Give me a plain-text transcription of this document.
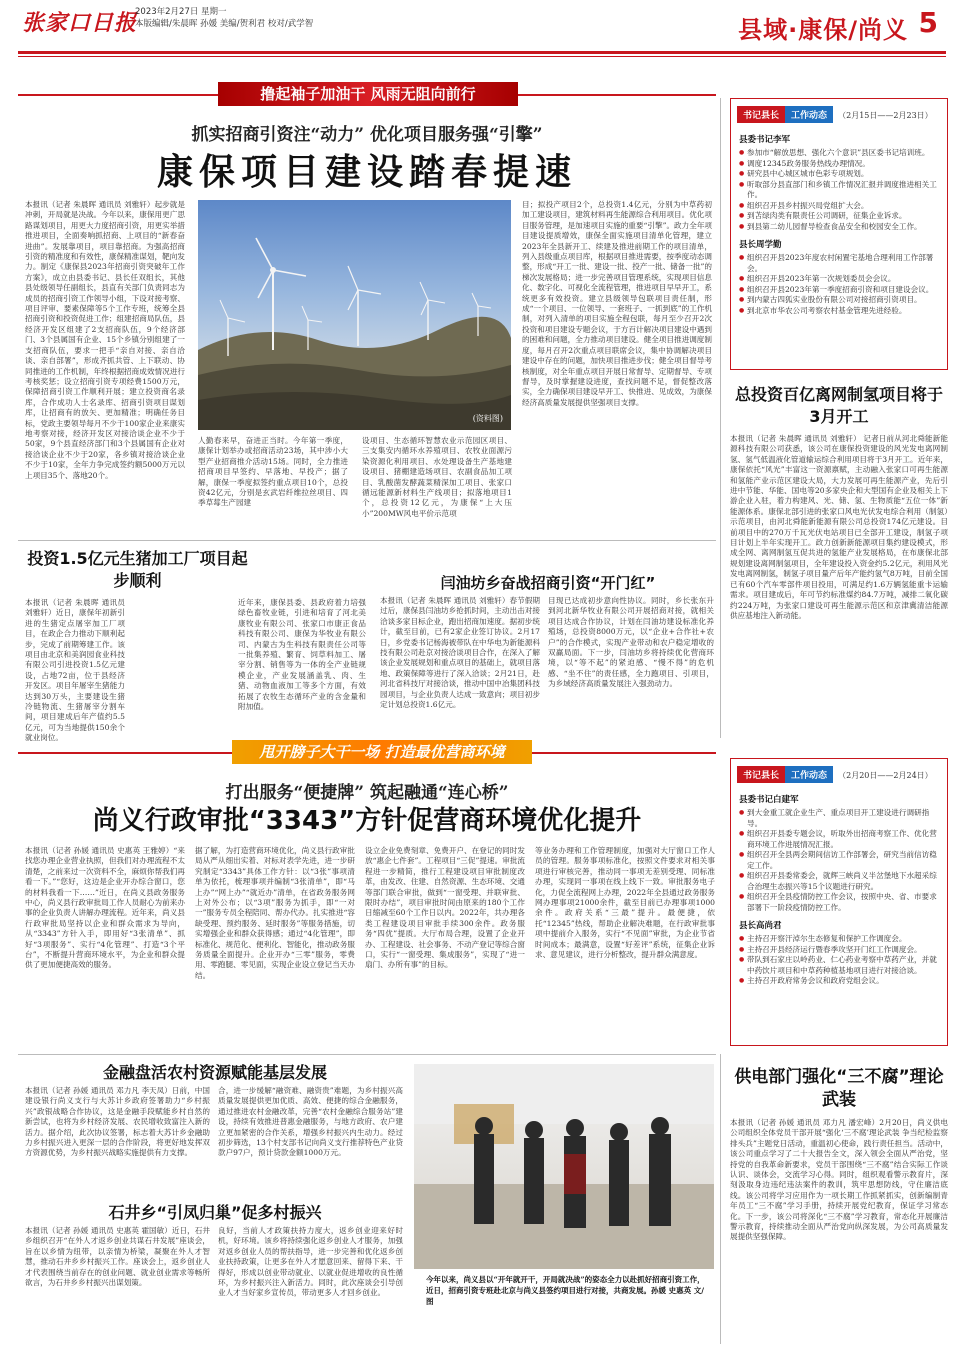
张家口日报
2023年2月27日 星期一
本版编辑/朱晨晖 孙媛 美编/贺利君 校对/武学智	县域·康保/尚义 5
撸起袖子加油干 风雨无阻向前行
抓实招商引资注“动力” 优化项目服务强“引擎”
康保项目建设踏春提速
本报讯（记者 朱晨晖 通讯员 刘雅轩）起步就是冲刺，开局就是决战。今年以来，康保用更广思路谋划项目，用更大力度招商引资，用更实举措推进项目，全面奏响抓招商、上项目的“新春奋进曲”。发展靠项目，项目靠招商。为强高招商引资的精准度和有效性，康保精准谋划，靶向发力。制定《康保县2023年招商引资突破年工作方案》，成立由县委书记、县长任双组长，其他县处级领导任副组长，县直有关部门负责同志为成员的招商引资工作领导小组，下设对接考察、项目评审、要素保障等5个工作专班，统筹全县招商引资和投资促进工作；组建招商局队伍，县经济开发区组建了2支招商队伍，9个经济部门、3个县属国有企业、15个乡镇分别组建了一支招商队伍，要求一把手“亲自对接、亲自洽谈、亲自部署”，形成齐抓共管、上下联动、协同推进的工作机制，年终根据招商成效情况进行考核奖惩；设立招商引资专项经费1500万元，保障招商引资工作顺利开展；建立投资商名录库，合作成功人士名录库、招商引资项目谋划库，让招商有的放矢、更加精准；明确任务目标，党政主要领导每月不少于100家企业来康实地考察对接，经济开发区对接洽谈企业不少于50家，9个县直经济部门和3个县属国有企业对接洽谈企业不少于20家，各乡镇对接洽谈企业不少于10家，全年力争完成签约额5000万元以上项目35个、落地20个。
(资料图)
人勤春来早，奋进正当时。今年第一季度，康保计划举办或招商活动23场，其中涉小大型产业招商推介活动15场。同时，全力推进招商项目早签约、早落地、早投产；据了解，康保一季度拟签约重点项目10个，总投资42亿元，分别是玄武岩纤维拉丝项目、四季草莓生产园建
设项目、生态循环智慧农业示范园区项目、三支集安内循环水养殖项目、农牧业面源污染资源化利用项目、水处理设备生产基地建设项目、猪棚建造场项目、农副食品加工项目、乳酸菌发酵蔬菜精深加工项目、张家口循远能源新材料生产线项目；拟落地项目1个，总投资12亿元，为康保“上大压小”200MW风电平价示范项
目；拟投产项目2个，总投资1.4亿元，分别为中草药初加工建设项目，建筑材料再生能源综合利用项目。优化项目服务管理，是加速项目实施的重要“引擎”。政力全年项目建设提质增效，康保全面实施项目清单化管理，建立2023年全县新开工、续建及推进前期工作的项目清单，列入县级重点项目库，根据项目推进需要，按季度动态调整，形成“开工一批、建设一批、投产一批、储备一批”的梯次发展格局；进一步完善项目管理系统，实现项目信息化、数字化、可视化全流程管理，推进项目早早开工，系统更多有效投资。建立县级领导包联项目责任制，形成“一个项目、一位领导、一套班子、一抓到底”的工作机制，对列入清单的项目实施全程包联，每月至少召开2次投资和项目建设专题会议，于方百计解决项目建设中遇到的困难和问题，全力推动项目建设。健全项目推进调度制度，每月召开2次重点项目联席会议，集中协调解决项目建设中存在的问题，加快项目推进步伐；健全项目督导考核制度，对全年重点项目开展日常督导、定期督导、专项督导，及时掌握建设进度，查找问题不足，督促整改落实，全力确保项目建设早开工、快推进、见成效，为康保经济高质量发展提供坚强项目支撑。
书记县长 工作动态 （2月15日——2月23日）
县委书记李军
● 参加市“解放思想、强化六个意识”县区委书记培训班。
● 调度12345政务服务热线办理情况。
● 研究县中心城区城市色彩专项规划。
● 听取部分县直部门和乡镇工作情况汇报并调度推进相关工作。
● 组织召开县乡村振兴局党组扩大会。
● 到苫绿肉类有限责任公司调研，征集企业诉求。
● 到县第二幼儿园督导检查食品安全和校园安全工作。
县长周学勤
● 组织召开县2023年度农村闲置宅基地合理利用工作部署会。
● 组织召开县2023年第一次规划委员会会议。
● 组织召开县2023年第一季度招商引资和项目建设会议。
● 到内蒙古四狐实业股份有限公司对接招商引资项目。
● 到北京市华农公司考察农村基金管理先进经验。
总投资百亿离网制氢项目将于3月开工
本报讯（记者 朱晨晖 通讯员 刘雅轩） 记者日前从河北舜能新能源科技有限公司获悉，该公司在康保投资建设的风光发电离网制氢、氢气低温液化管道输运综合利用项目将于3月开工。近年来，康保依托“风光”丰富这一资源禀赋，主动融入张家口可再生能源和氢能产业示范区建设大局，大力发展可再生能源产业，先后引进中节能、华能、国电等20多家央企和大型国有企业及相关上下游企业入驻，着力构建风、光、储、氢、生物质能“五位一体”新能源体系。康保北部引进的张家口风电光伏发电综合利用（制氢）示范项目，由河北舜能新能源有限公司总投资174亿元建设。目前项目中的270万千瓦光伏电站项目已全部开工建设，制氢子项目计划上半年实现开工。政力创新新能源项目集约建设模式，形成全网、离网制氢互促共进的氢能产业发展格局，在布康保北部规划建设离网制氢项目，全年建设投入资金约5.2亿元，利用风光发电离网制氢，制氢子项目量产后年产能约氢气8万吨，目前全国已有60个汽车零部件项目投用，可满足约1.6万辆氢能重卡运输需求。项目建成后，年可节约标准煤约84.7万吨，减排二氧化碳约224万吨，为张家口建设可再生能源示范区和京津冀清洁能源供应基地注入新动能。
投资1.5亿元生猪加工厂项目起步顺利
本报讯（记者 朱晨晖 通讯员 刘雅轩）近日，康保年初新引进的生猪定点屠宰加工厂项目，在政企合力推动下顺利起步，完成了前期筹建工作。该项目由北京和美润园食业科技有限公司引进投资1.5亿元建设，占地72亩，位于县经济开发区。项目年屠宰生猪能力达到30万头，主要建设生猪冷链物流、生猪屠宰分割车间，项目建成后年产值约5.5亿元，可为当地提供150余个就业岗位。
近年来，康保县委、县政府着力培强绿色畜牧业链，引进和培育了河北美康牧业有限公司、张家口市康正食品科技有限公司、康保为华牧业有限公司、内蒙古为生科技有限责任公司等一批集养殖、繁育、饲草料加工、屠宰分割、销售等为一体的全产业链规模企业，产业发展涵盖乳、肉、生猪、动物血液加工等多个方面，有效拓展了农牧生态循环产业的含金量和附加值。
闫油坊乡奋战招商引资“开门红”
本报讯（记者 朱晨晖 通讯员 刘雅轩）春节假期过后，康保县闫油坊乡抢抓时间，主动出击对接洽谈多家目标企业，跑出招商加速度。据初步统计，截至目前，已有2家企业签订协议。2月17日，乡党委书记杨海被带队在中华电为新能源科技有限公司赴京对接洽谈项目合作，在深入了解该企业发展规划和重点项目的基础上，就项目落地、政策保障等进行了深入洽谈；2月21日，赴河北省科技厅对接洽谈，推动中国中冶集团科技园项目，与企业负责人达成一致意向；项目初步定计划总投资1.6亿元。
目现已达成初步意向性协议。同时，乡长张东升到河北新华牧业有限公司开展招商对接，就相关项目达成合作协议，计划在闫油坊建设标准化养殖场，总投资8000万元，以“企业+合作社+农户”的合作模式，实现产业带动和农户稳定增收的双赢局面。下一步，闫油坊乡将持续优化营商环境，以“等不起”的紧迫感、“慢不得”的危机感、“坐不住”的责任感，全力跑项目、引项目，为乡域经济高质量发展注入强劲动力。
甩开膀子大干一场 打造最优营商环境
打出服务“便捷牌” 筑起融通“连心桥”
尚义行政审批“3343”方针促营商环境优化提升
本报讯（记者 孙媛 通讯员 史惠英 王雅婷）“来找您办理企业营业执照，但我们对办理流程不太清楚，之前来过一次资料不全，麻烦你帮我们再看一下。”“您好，这边是企业开办综合窗口，您的材料我看一下……”近日，在尚义县政务服务中心，尚义县行政审批局工作人员耐心为前来办事的企业负责人讲解办理流程。近年来，尚义县行政审批局坚持以企业和群众需求为导向，从“3343”方针入手，即用好“3张清单”、抓好“3项服务”、实行“4化管理”、打造“3个平台”，不断提升营商环境水平，为企业和群众提供了更加便捷高效的服务。
据了解，为打造营商环境优化，尚义县行政审批局从严从细出实着、对标对表学先进，进一步研究制定“3343”具体工作方针：以“3张”事项清单为依托，梳理事项并编制“3张清单”，即“马上办”“网上办”“就近办”清单，在省政务服务网上对外公布；以“3项”服务为抓手，即“一对一”服务专员全程陪同、帮办代办。扎实推进“容缺受理、预约服务、延时服务”等服务措施，切实增强企业和群众获得感；通过“4化管理”，即标准化、规范化、便利化、智能化，推动政务服务质量全面提升。企业开办“三零”服务，零费用、零跑腿、零见面，实现企业设立登记当天办结。
设立企业免费刻章、免费开户、在登记的同时发放“惠企七件套”。工程项目“三促”提速。审批流程进一步精简，推行工程建设项目审批制度改革，由发改、住建、自然资源、生态环境、交通等部门联合审批，做到“一窗受理、并联审批、限时办结”，项目审批时间由原来的180个工作日缩减至60个工作日以内。2022年，共办理各类工程建设项目审批手续300余件。政务服务“四优”提质。大厅布局合理，设置了企业开办、工程建设、社会事务、不动产登记等综合窗口，实行“一窗受理、集成服务”，实现了“进一扇门、办所有事”的目标。
等业务办理和工作管理制度，加强对大厅窗口工作人员的管理。服务事项标准化，按照文件要求对相关事项进行审核完善，推动同一事项无差别受理、同标准办理，实现同一事项在线上线下一致。审批服务电子化，力促全流程网上办理，2022年全县通过政务服务网办理事项21000余件，截至目前已办理事项1000余件。政府关系“三最”提升。最便捷，依托“12345”热线，帮助企业解决难题，在行政审批事项中提前介入服务，实行“不见面”审批，为企业节省时间成本；最满意，设置“好差评”系统，征集企业诉求、意见建议，进行分析整改，提升群众满意度。
书记县长 工作动态 （2月20日——2月24日）
县委书记白建军
● 到大金重工就企业生产、重点项目开工建设进行调研指导。
● 组织召开县委专题会议，听取外出招商考察工作、优化营商环境工作进展情况汇报。
● 组织召开全县两会期间信访工作部署会，研究当前信访稳定工作。
● 组织召开县委常委会，就辉三峡尚义半岔堡地下水超采综合治理生态振兴等15个议题进行研究。
● 组织召开全县疫情防控工作会议，按照中央、省、市要求部署下一阶段疫情防控工作。
县长高尚君
● 主持召开察汗淖尔生态修复和保护工作调度会。
● 主持召开县经济运行暨春季攻坚开门红工作调度会。
● 带队到石家庄以岭药业、仁心药业考察中草药产业，并就中药饮片项目和中草药种植基地项目进行对接洽谈。
● 主持召开政府常务会议和政府党组会议。
金融盘活农村资源赋能基层发展
本报讯（记者 孙媛 通讯员 邓力凡 李天凤）日前，中国建设银行尚义支行与大苏计乡政府签署助力“乡村振兴”政银战略合作协议，这是金融手段赋能乡村自然的新尝试，也将为乡村经济发展、农民增收致富注入新的活力。据介绍，此次协议签署，标志着大苏计乡金融助力乡村振兴进入更深一层的合作阶段，将更好地发挥双方资源优势，为乡村振兴战略实施提供有力支撑。
合，进一步缓解“融资难、融资贵”难题，为乡村振兴高质量发展提供更加优质、高效、便捷的综合金融服务，通过推进农村金融改革，完善“农村金融综合服务站”建设，持续有效推进普惠金融服务，与地方政府、农户建立更加紧密的合作关系，增强乡村振兴内生动力。经过初步筛选，13个村支部书记向尚义支行推荐特色产业贷款户97户，预计贷款金额1000万元。
石井乡“引凤归巢”促多村振兴
本报讯（记者 孙媛 通讯员 史惠英 霍国敏）近日，石井乡组织召开“在外人才返乡创业共谋石井发展”座谈会，旨在以乡情为纽带，以亲情为桥梁，凝聚在外人才智慧，推动石井乡乡村振兴工作。座谈会上，返乡创业人才代表围绕当前存在的创业问题、就业创业需求等畅所欲言，为石井乡乡村振兴出谋划策。
良好，当前人才政策扶持力度大，返乡创业迎来好时机，好环境。该乡将持续强化返乡创业人才服务，加强对返乡创业人员的帮扶指导，进一步完善和优化返乡创业扶持政策，让更多在外人才愿意回来、留得下来、干得好，形成以创业带动就业、以就业促进增收的良性循环，为乡村振兴注入新活力。同时，此次座谈会引导创业人才当好家乡宣传员，带动更多人才回乡创业。
今年以来，尚义县以“开年就开干，开局就决战”的姿态全力以赴抓好招商引资工作，近日，招商引资专班赴北京与尚义县签约项目进行对接，共商发展。孙媛 史惠英 文/图
供电部门强化“三不腐”理论武装
本报讯（记者 孙媛 通讯员 邓力凡 潘宏峰）2月20日，尚义供电公司组织全体党员干部开展“强化‘三不腐’理论武装 争当纪检监察排头兵”主题党日活动，重温初心使命，践行责任担当。活动中，该公司重点学习了二十大报告全文，深入领会全面从严治党，坚持党的自我革命新要求，党员干部围绕“三不腐”结合实际工作谈认识、谈体会，交流学习心得。同时，组织观看警示教育片，深刻汲取身边违纪违法案件的教训，筑牢思想防线，守住廉洁底线。该公司将学习应用作为一项长期工作抓紧抓实，创新编制青年员工“三不腐”学习手册，持续开展党纪教育，保证学习常态化。下一步，该公司将深化“三不腐”学习教育，常态化开展廉洁警示教育，持续推动全面从严治党向纵深发展，为公司高质量发展提供坚强保障。
